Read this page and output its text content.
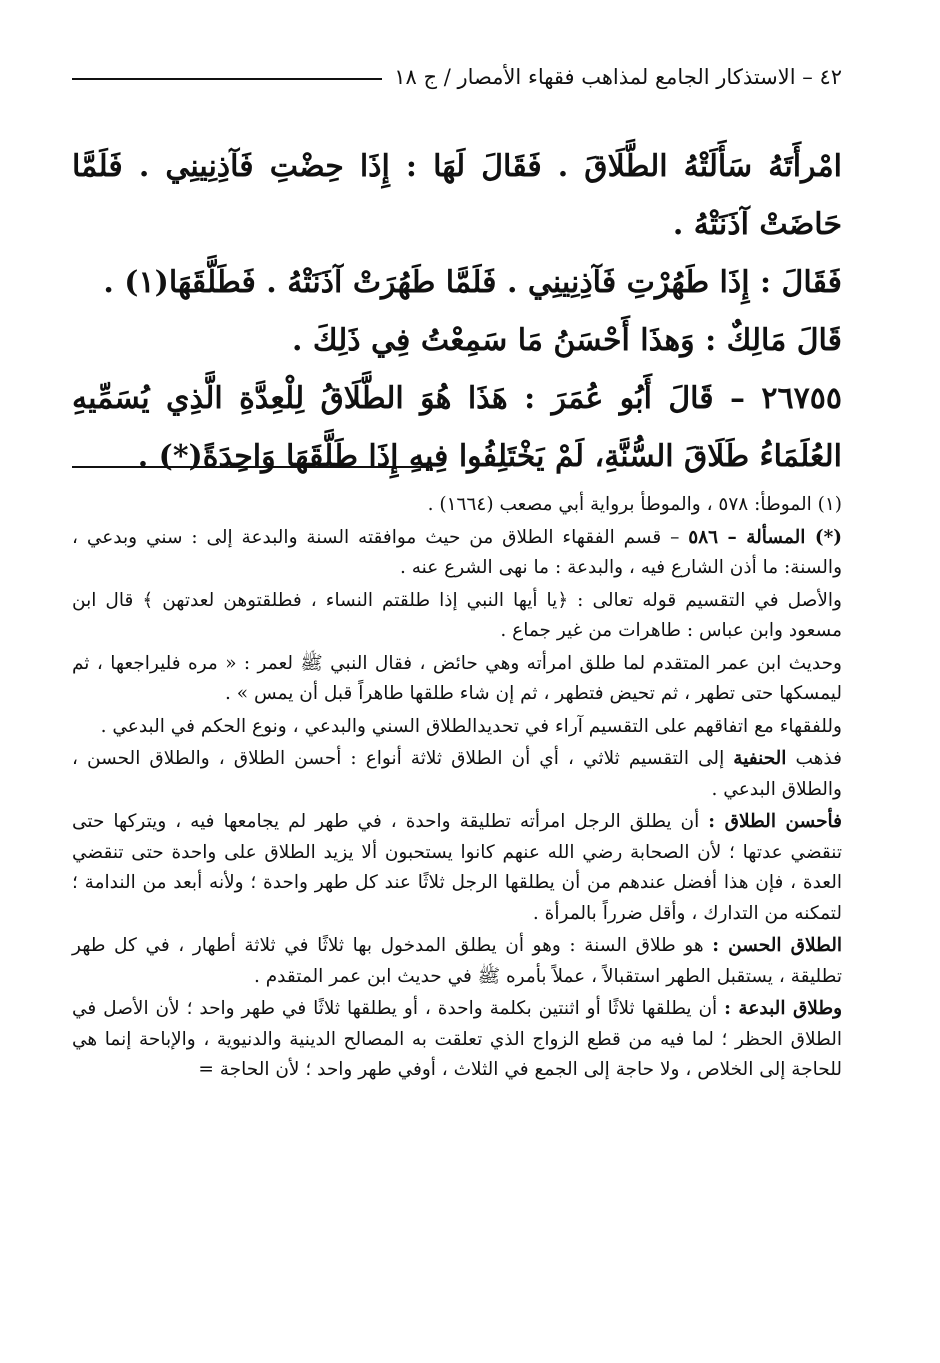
٤٢ – الاستذكار الجامع لمذاهب فقهاء الأمصار / ج ١٨

امْرأَتَهُ سَأَلَتْهُ الطَّلَاقَ . فَقَالَ لَهَا : إِذَا حِضْتِ فَآذِنِينِي . فَلَمَّا حَاضَتْ آذَنَتْهُ .

فَقَالَ : إِذَا طَهُرْتِ فَآذِنِينِي . فَلَمَّا طَهُرَتْ آذَنَتْهُ . فَطَلَّقَهَا(١) .

قَالَ مَالِكٌ : وَهذَا أَحْسَنُ مَا سَمِعْتُ فِي ذَلِكَ .

٢٦٧٥٥ – قَالَ أَبُو عُمَرَ : هَذَا هُوَ الطَّلَاقُ لِلْعِدَّةِ الَّذِي يُسَمِّيهِ العُلَمَاءُ طَلَاقَ السُّنَّةِ، لَمْ يَخْتَلِفُوا فِيهِ إِذَا طَلَّقَهَا وَاحِدَةً(*) .

(١) الموطأ: ٥٧٨ ، والموطأ برواية أبي مصعب (١٦٦٤) .

(*) المسألة – ٥٨٦ – قسم الفقهاء الطلاق من حيث موافقته السنة والبدعة إلى : سني وبدعي ، والسنة: ما أذن الشارع فيه ، والبدعة : ما نهى الشرع عنه .

والأصل في التقسيم قوله تعالى : ﴿يا أيها النبي إذا طلقتم النساء ، فطلقتوهن لعدتهن ﴾ قال ابن مسعود وابن عباس : طاهرات من غير جماع .

وحديث ابن عمر المتقدم لما طلق امرأته وهي حائض ، فقال النبي ﷺ لعمر : « مره فليراجعها ، ثم ليمسكها حتى تطهر ، ثم تحيض فتطهر ، ثم إن شاء طلقها طاهراً قبل أن يمس » .

وللفقهاء مع اتفاقهم على التقسيم آراء في تحديدالطلاق السني والبدعي ، ونوع الحكم في البدعي .

فذهب الحنفية إلى التقسيم ثلاثي ، أي أن الطلاق ثلاثة أنواع : أحسن الطلاق ، والطلاق الحسن ، والطلاق البدعي .

فأحسن الطلاق : أن يطلق الرجل امرأته تطليقة واحدة ، في طهر لم يجامعها فيه ، ويتركها حتى تنقضي عدتها ؛ لأن الصحابة رضي الله عنهم كانوا يستحبون ألا يزيد الطلاق على واحدة حتى تنقضي العدة ، فإن هذا أفضل عندهم من أن يطلقها الرجل ثلاثًا عند كل طهر واحدة ؛ ولأنه أبعد من الندامة ؛ لتمكنه من التدارك ، وأقل ضرراً بالمرأة .

الطلاق الحسن : هو طلاق السنة : وهو أن يطلق المدخول بها ثلاثًا في ثلاثة أطهار ، في كل طهر تطليقة ، يستقبل الطهر استقبالاً ، عملاً بأمره ﷺ في حديث ابن عمر المتقدم .

وطلاق البدعة : أن يطلقها ثلاثًا أو اثنتين بكلمة واحدة ، أو يطلقها ثلاثًا في طهر واحد ؛ لأن الأصل في الطلاق الحظر ؛ لما فيه من قطع الزواج الذي تعلقت به المصالح الدينية والدنيوية ، والإباحة إنما هي للحاجة إلى الخلاص ، ولا حاجة إلى الجمع في الثلاث ، أوفي طهر واحد ؛ لأن الحاجة =
